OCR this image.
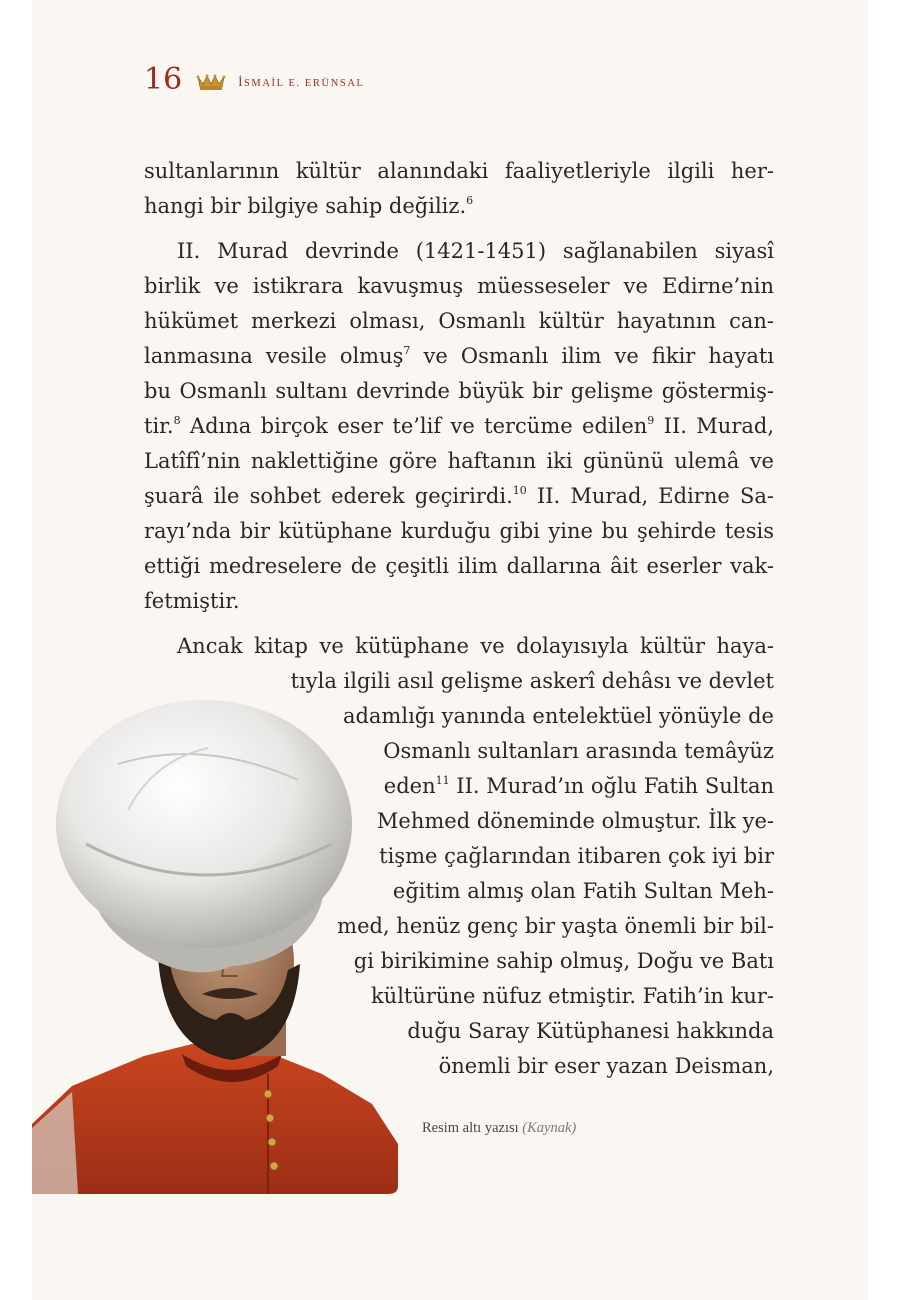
16	İSMAİL E. ERÜNSAL
sultanlarının kültür alanındaki faaliyetleriyle ilgili her-
hangi bir bilgiye sahip değiliz.$^6$
II. Murad devrinde (1421-1451) sağlanabilen siyasî
birlik ve istikrara kavuşmuş müesseseler ve Edirne’nin
hükümet merkezi olması, Osmanlı kültür hayatının can-
lanmasına vesile olmuş$^7$ ve Osmanlı ilim ve fikir hayatı
bu Osmanlı sultanı devrinde büyük bir gelişme göstermiş-
tir.$^8$ Adına birçok eser te’lif ve tercüme edilen$^9$ II. Murad,
Latîfî’nin naklettiğine göre haftanın iki gününü ulemâ ve
şuarâ ile sohbet ederek geçirirdi.$^{10}$ II. Murad, Edirne Sa-
rayı’nda bir kütüphane kurduğu gibi yine bu şehirde tesis
ettiği medreselere de çeşitli ilim dallarına âit eserler vak-
fetmiştir.
Ancak kitap ve kütüphane ve dolayısıyla kültür haya-
tıyla ilgili asıl gelişme askerî dehâsı ve devlet
adamlığı yanında entelektüel yönüyle de
Osmanlı sultanları arasında temâyüz
eden$^{11}$ II. Murad’ın oğlu Fatih Sultan
Mehmed döneminde olmuştur. İlk ye-
tişme çağlarından itibaren çok iyi bir
eğitim almış olan Fatih Sultan Meh-
med, henüz genç bir yaşta önemli bir bil-
gi birikimine sahip olmuş, Doğu ve Batı
kültürüne nüfuz etmiştir. Fatih’in kur-
duğu Saray Kütüphanesi hakkında
önemli bir eser yazan Deisman,
Resim altı yazısı (Kaynak)
